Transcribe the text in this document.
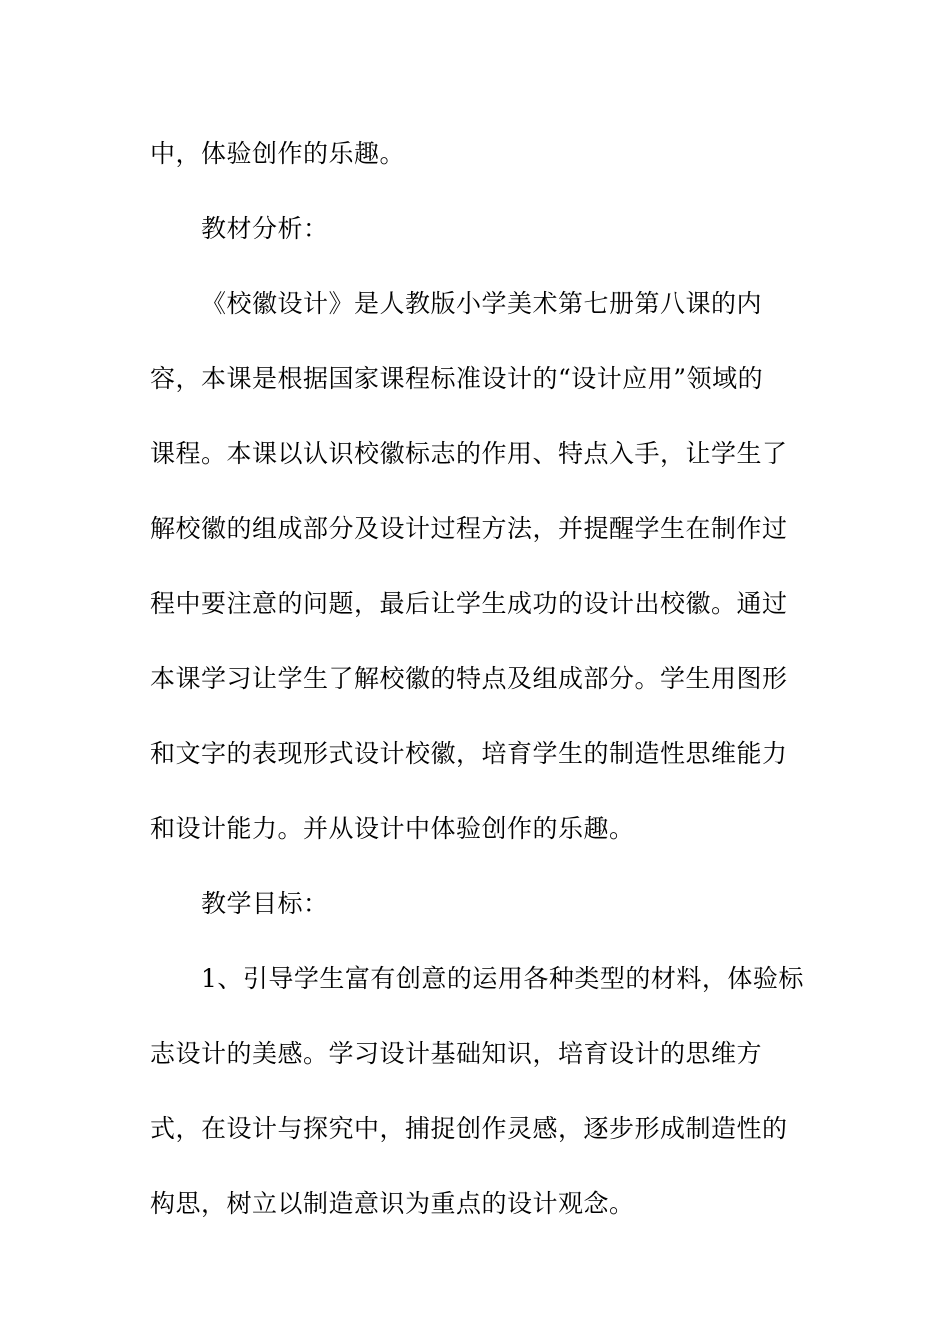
中，体验创作的乐趣。
教材分析：
《校徽设计》是人教版小学美术第七册第八课的内
容，本课是根据国家课程标准设计的“设计应用”领域的
课程。本课以认识校徽标志的作用、特点入手，让学生了
解校徽的组成部分及设计过程方法，并提醒学生在制作过
程中要注意的问题，最后让学生成功的设计出校徽。通过
本课学习让学生了解校徽的特点及组成部分。学生用图形
和文字的表现形式设计校徽，培育学生的制造性思维能力
和设计能力。并从设计中体验创作的乐趣。
教学目标：
1、引导学生富有创意的运用各种类型的材料，体验标
志设计的美感。学习设计基础知识，培育设计的思维方
式，在设计与探究中，捕捉创作灵感，逐步形成制造性的
构思，树立以制造意识为重点的设计观念。
